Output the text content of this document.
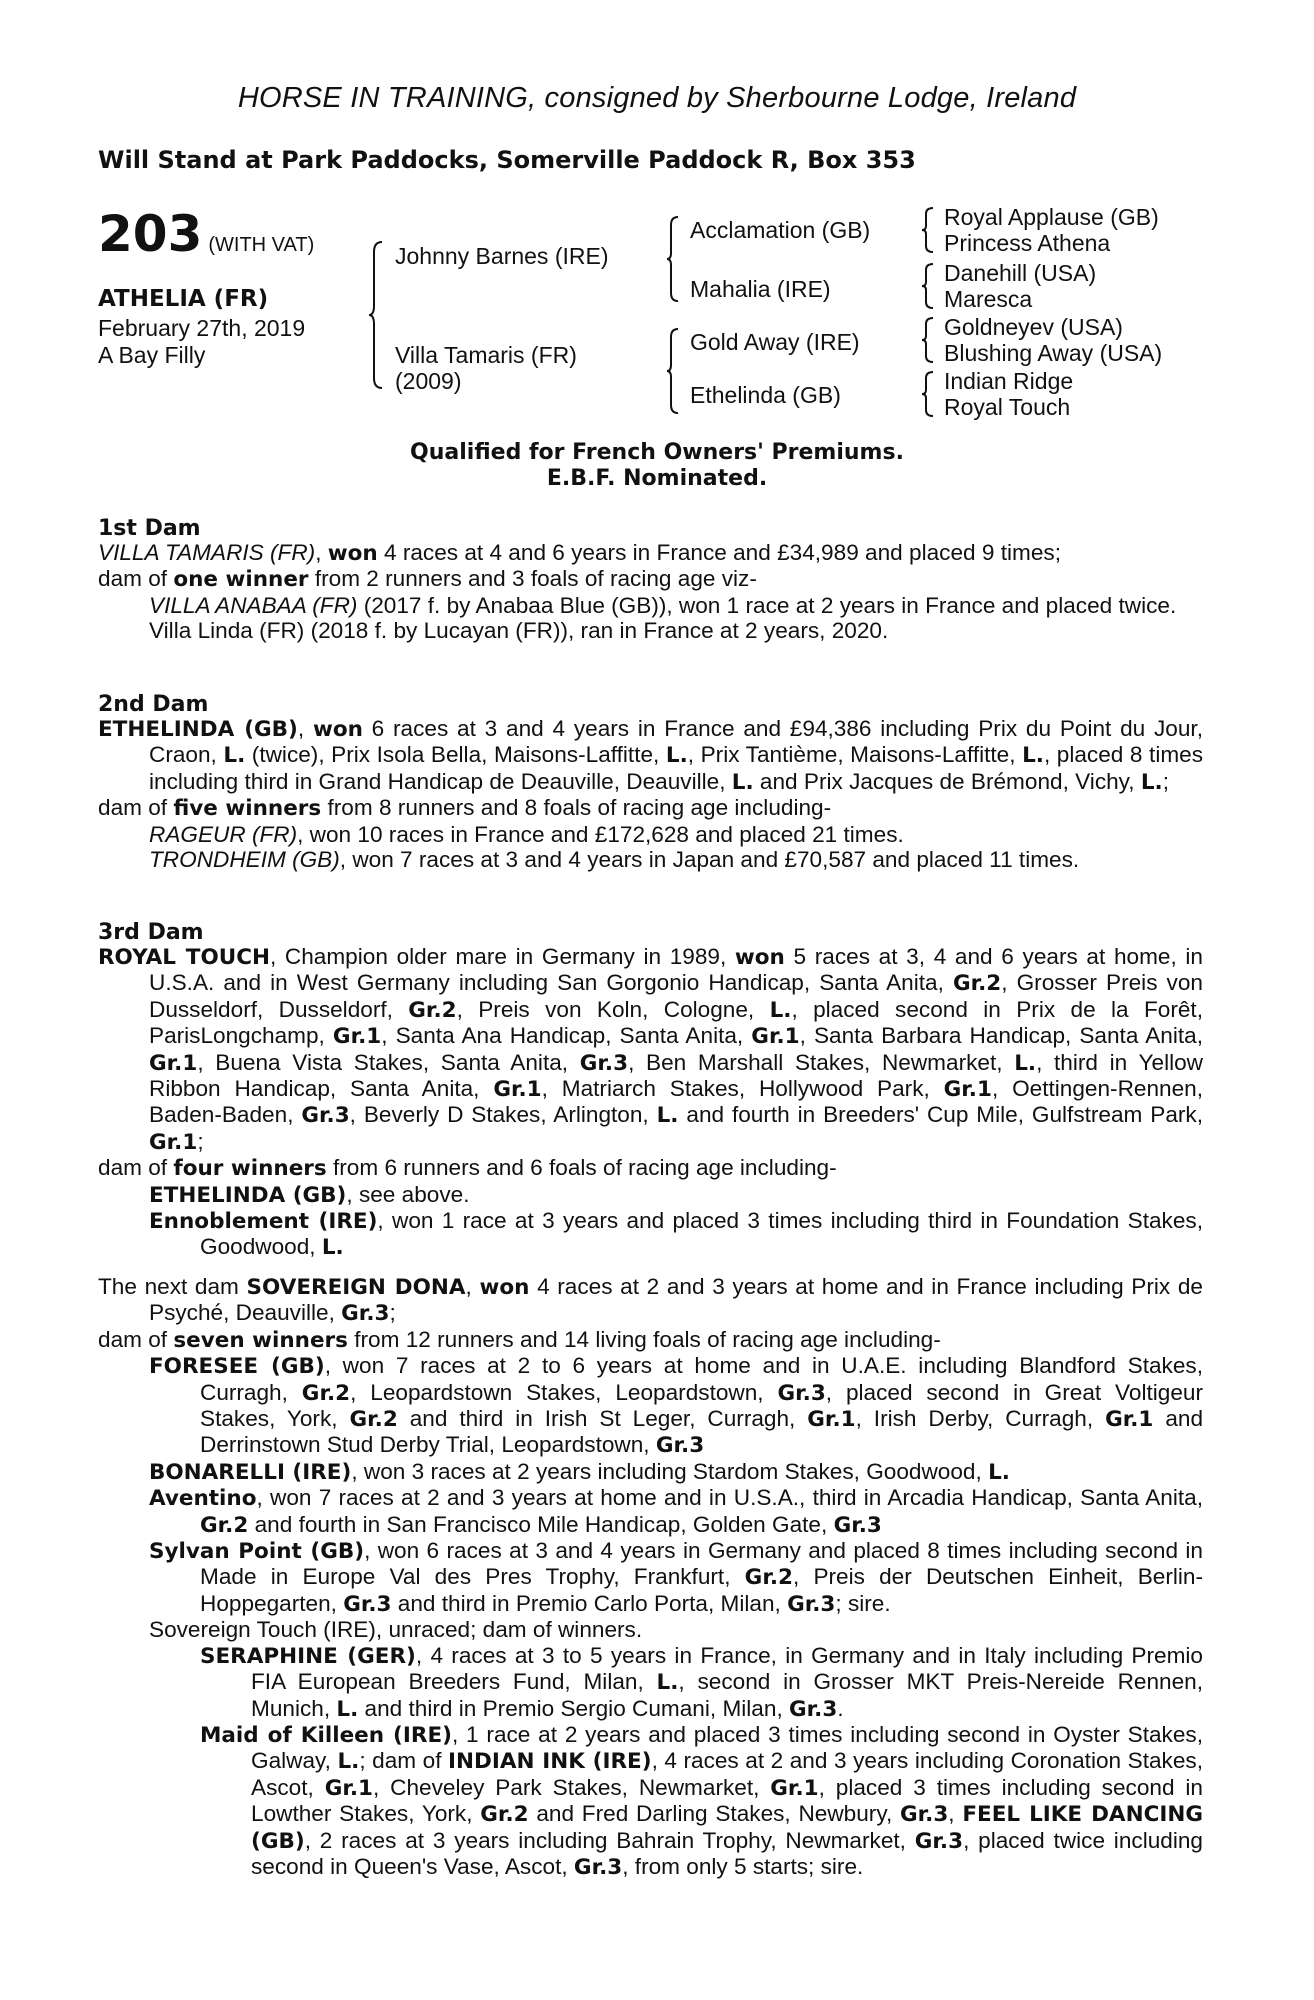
HORSE IN TRAINING, consigned by Sherbourne Lodge, Ireland
Will Stand at Park Paddocks, Somerville Paddock R, Box 353
203 (WITH VAT)
ATHELIA (FR)
February 27th, 2019
A Bay Filly
Johnny Barnes (IRE)
Villa Tamaris (FR)
(2009)
Acclamation (GB)
Mahalia (IRE)
Gold Away (IRE)
Ethelinda (GB)
Royal Applause (GB)
Princess Athena
Danehill (USA)
Maresca
Goldneyev (USA)
Blushing Away (USA)
Indian Ridge
Royal Touch
Qualified for French Owners' Premiums.
E.B.F. Nominated.
1st Dam
VILLA TAMARIS (FR), won 4 races at 4 and 6 years in France and £34,989 and placed 9 times;
dam of one winner from 2 runners and 3 foals of racing age viz-
VILLA ANABAA (FR) (2017 f. by Anabaa Blue (GB)), won 1 race at 2 years in France and placed twice.
Villa Linda (FR) (2018 f. by Lucayan (FR)), ran in France at 2 years, 2020.
2nd Dam
ETHELINDA (GB), won 6 races at 3 and 4 years in France and £94,386 including Prix du Point du Jour, Craon, L. (twice), Prix Isola Bella, Maisons-Laffitte, L., Prix Tantième, Maisons-Laffitte, L., placed 8 times including third in Grand Handicap de Deauville, Deauville, L. and Prix Jacques de Brémond, Vichy, L.;
dam of five winners from 8 runners and 8 foals of racing age including-
RAGEUR (FR), won 10 races in France and £172,628 and placed 21 times.
TRONDHEIM (GB), won 7 races at 3 and 4 years in Japan and £70,587 and placed 11 times.
3rd Dam
ROYAL TOUCH, Champion older mare in Germany in 1989, won 5 races at 3, 4 and 6 years at home, in U.S.A. and in West Germany including San Gorgonio Handicap, Santa Anita, Gr.2, Grosser Preis von Dusseldorf, Dusseldorf, Gr.2, Preis von Koln, Cologne, L., placed second in Prix de la Forêt, ParisLongchamp, Gr.1, Santa Ana Handicap, Santa Anita, Gr.1, Santa Barbara Handicap, Santa Anita, Gr.1, Buena Vista Stakes, Santa Anita, Gr.3, Ben Marshall Stakes, Newmarket, L., third in Yellow Ribbon Handicap, Santa Anita, Gr.1, Matriarch Stakes, Hollywood Park, Gr.1, Oettingen-Rennen, Baden-Baden, Gr.3, Beverly D Stakes, Arlington, L. and fourth in Breeders' Cup Mile, Gulfstream Park, Gr.1;
dam of four winners from 6 runners and 6 foals of racing age including-
ETHELINDA (GB), see above.
Ennoblement (IRE), won 1 race at 3 years and placed 3 times including third in Foundation Stakes, Goodwood, L.
The next dam SOVEREIGN DONA, won 4 races at 2 and 3 years at home and in France including Prix de Psyché, Deauville, Gr.3;
dam of seven winners from 12 runners and 14 living foals of racing age including-
FORESEE (GB), won 7 races at 2 to 6 years at home and in U.A.E. including Blandford Stakes, Curragh, Gr.2, Leopardstown Stakes, Leopardstown, Gr.3, placed second in Great Voltigeur Stakes, York, Gr.2 and third in Irish St Leger, Curragh, Gr.1, Irish Derby, Curragh, Gr.1 and Derrinstown Stud Derby Trial, Leopardstown, Gr.3
BONARELLI (IRE), won 3 races at 2 years including Stardom Stakes, Goodwood, L.
Aventino, won 7 races at 2 and 3 years at home and in U.S.A., third in Arcadia Handicap, Santa Anita, Gr.2 and fourth in San Francisco Mile Handicap, Golden Gate, Gr.3
Sylvan Point (GB), won 6 races at 3 and 4 years in Germany and placed 8 times including second in Made in Europe Val des Pres Trophy, Frankfurt, Gr.2, Preis der Deutschen Einheit, Berlin-Hoppegarten, Gr.3 and third in Premio Carlo Porta, Milan, Gr.3; sire.
Sovereign Touch (IRE), unraced; dam of winners.
SERAPHINE (GER), 4 races at 3 to 5 years in France, in Germany and in Italy including Premio FIA European Breeders Fund, Milan, L., second in Grosser MKT Preis-Nereide Rennen, Munich, L. and third in Premio Sergio Cumani, Milan, Gr.3.
Maid of Killeen (IRE), 1 race at 2 years and placed 3 times including second in Oyster Stakes, Galway, L.; dam of INDIAN INK (IRE), 4 races at 2 and 3 years including Coronation Stakes, Ascot, Gr.1, Cheveley Park Stakes, Newmarket, Gr.1, placed 3 times including second in Lowther Stakes, York, Gr.2 and Fred Darling Stakes, Newbury, Gr.3, FEEL LIKE DANCING (GB), 2 races at 3 years including Bahrain Trophy, Newmarket, Gr.3, placed twice including second in Queen's Vase, Ascot, Gr.3, from only 5 starts; sire.
